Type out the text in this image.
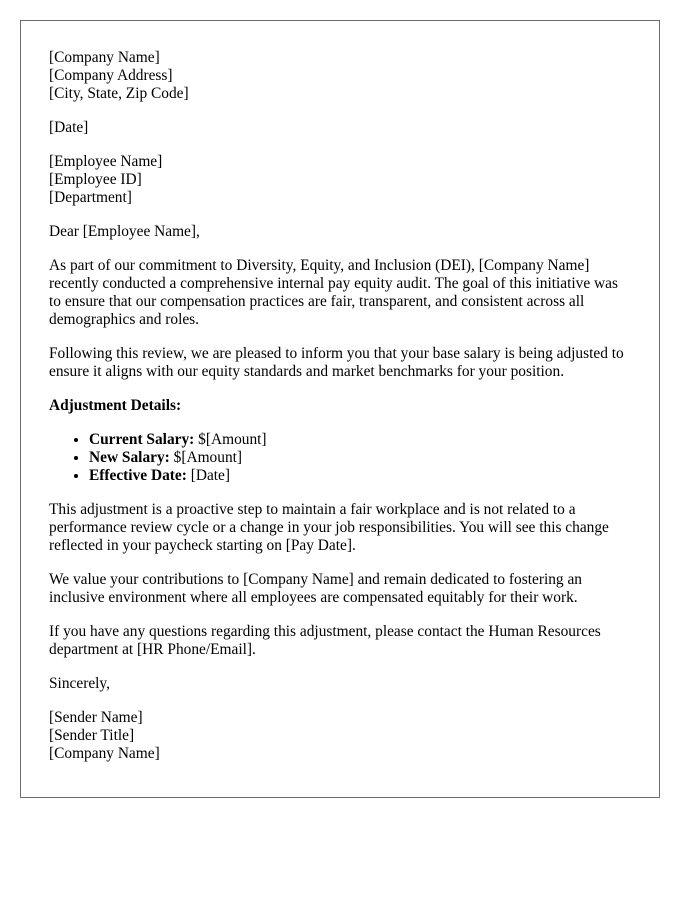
[Company Name]
[Company Address]
[City, State, Zip Code]
[Date]
[Employee Name]
[Employee ID]
[Department]

Dear [Employee Name],

As part of our commitment to Diversity, Equity, and Inclusion (DEI), [Company Name] recently conducted a comprehensive internal pay equity audit. The goal of this initiative was to ensure that our compensation practices are fair, transparent, and consistent across all demographics and roles.

Following this review, we are pleased to inform you that your base salary is being adjusted to ensure it aligns with our equity standards and market benchmarks for your position.

Adjustment Details:
• Current Salary: $[Amount]
• New Salary: $[Amount]
• Effective Date: [Date]

This adjustment is a proactive step to maintain a fair workplace and is not related to a performance review cycle or a change in your job responsibilities. You will see this change reflected in your paycheck starting on [Pay Date].

We value your contributions to [Company Name] and remain dedicated to fostering an inclusive environment where all employees are compensated equitably for their work.

If you have any questions regarding this adjustment, please contact the Human Resources department at [HR Phone/Email].

Sincerely,

[Sender Name]
[Sender Title]
[Company Name]
